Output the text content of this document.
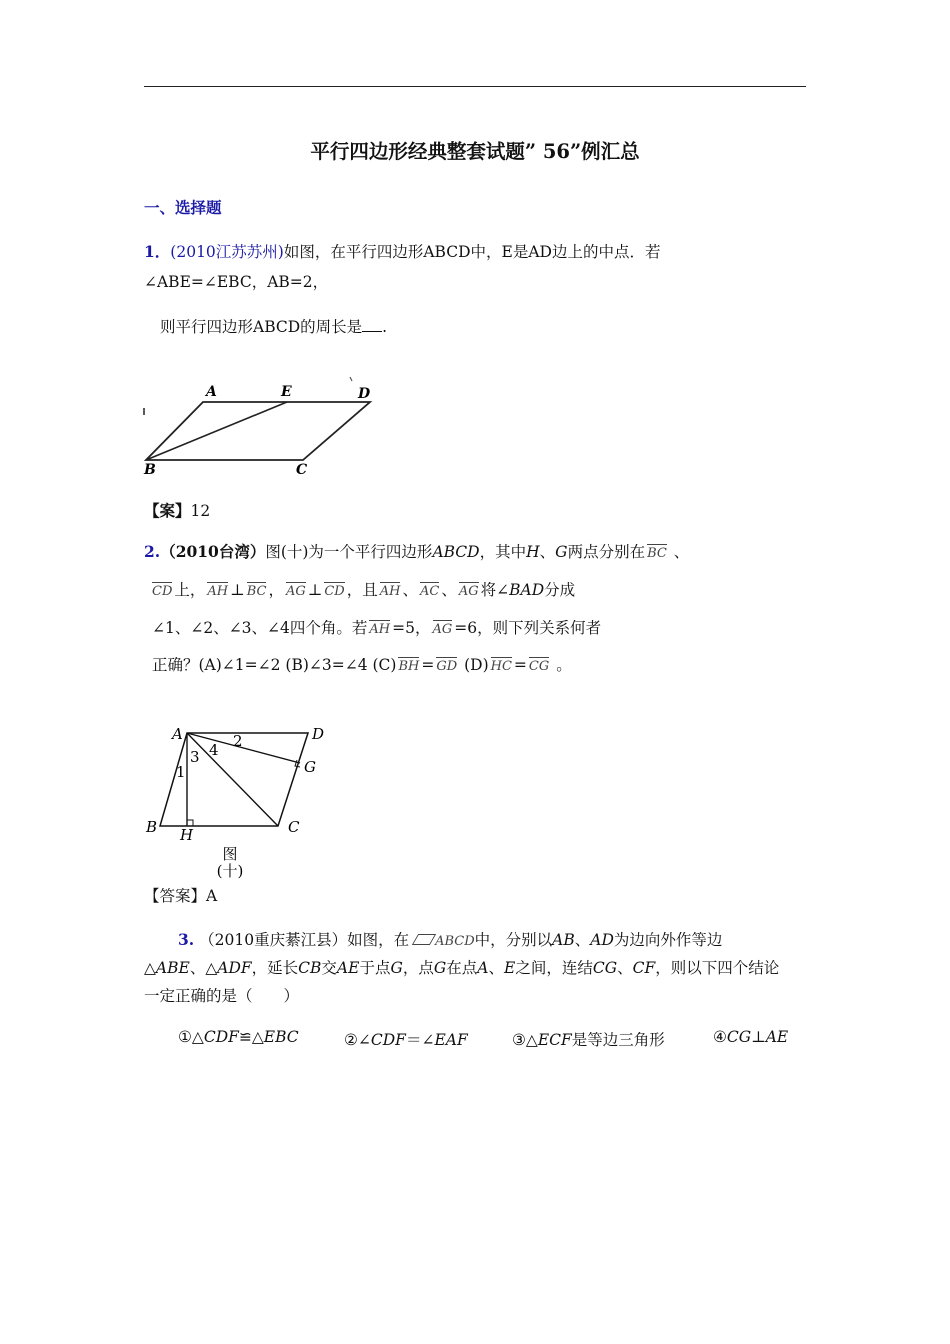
平行四边形经典整套试题” 56”例汇总
一、选择题
1．(2010江苏苏州)如图，在平行四边形ABCD中，E是AD边上的中点．若
∠ABE=∠EBC，AB=2，
则平行四边形ABCD的周长是 .
A	E	D
B	C
【案】12
2.（2010台湾）图(十)为一个平行四边形ABCD，其中H、G两点分别在 BC 、
CD 上， AH ⊥ BC ， AG ⊥ CD ，且 AH 、 AC 、 AG 将∠BAD分成
∠1、∠2、∠3、∠4四个角。若 AH =5， AG =6，则下列关系何者
正确？(A)∠1=∠2 (B)∠3=∠4 (C) BH = GD (D) HC = CG 。
A	D
B	C
H
G
1
2
3 4
图
(十)
【答案】A
3. （2010重庆綦江县）如图，在 ABCD中，分别以AB、AD为边向外作等边
△ABE、△ADF，延长CB交AE于点G，点G在点A、E之间，连结CG、CF，则以下四个结论
一定正确的是（　　）
①△CDF≌△EBC	②∠CDF＝∠EAF	③△ECF是等边三角形	④CG⊥AE
